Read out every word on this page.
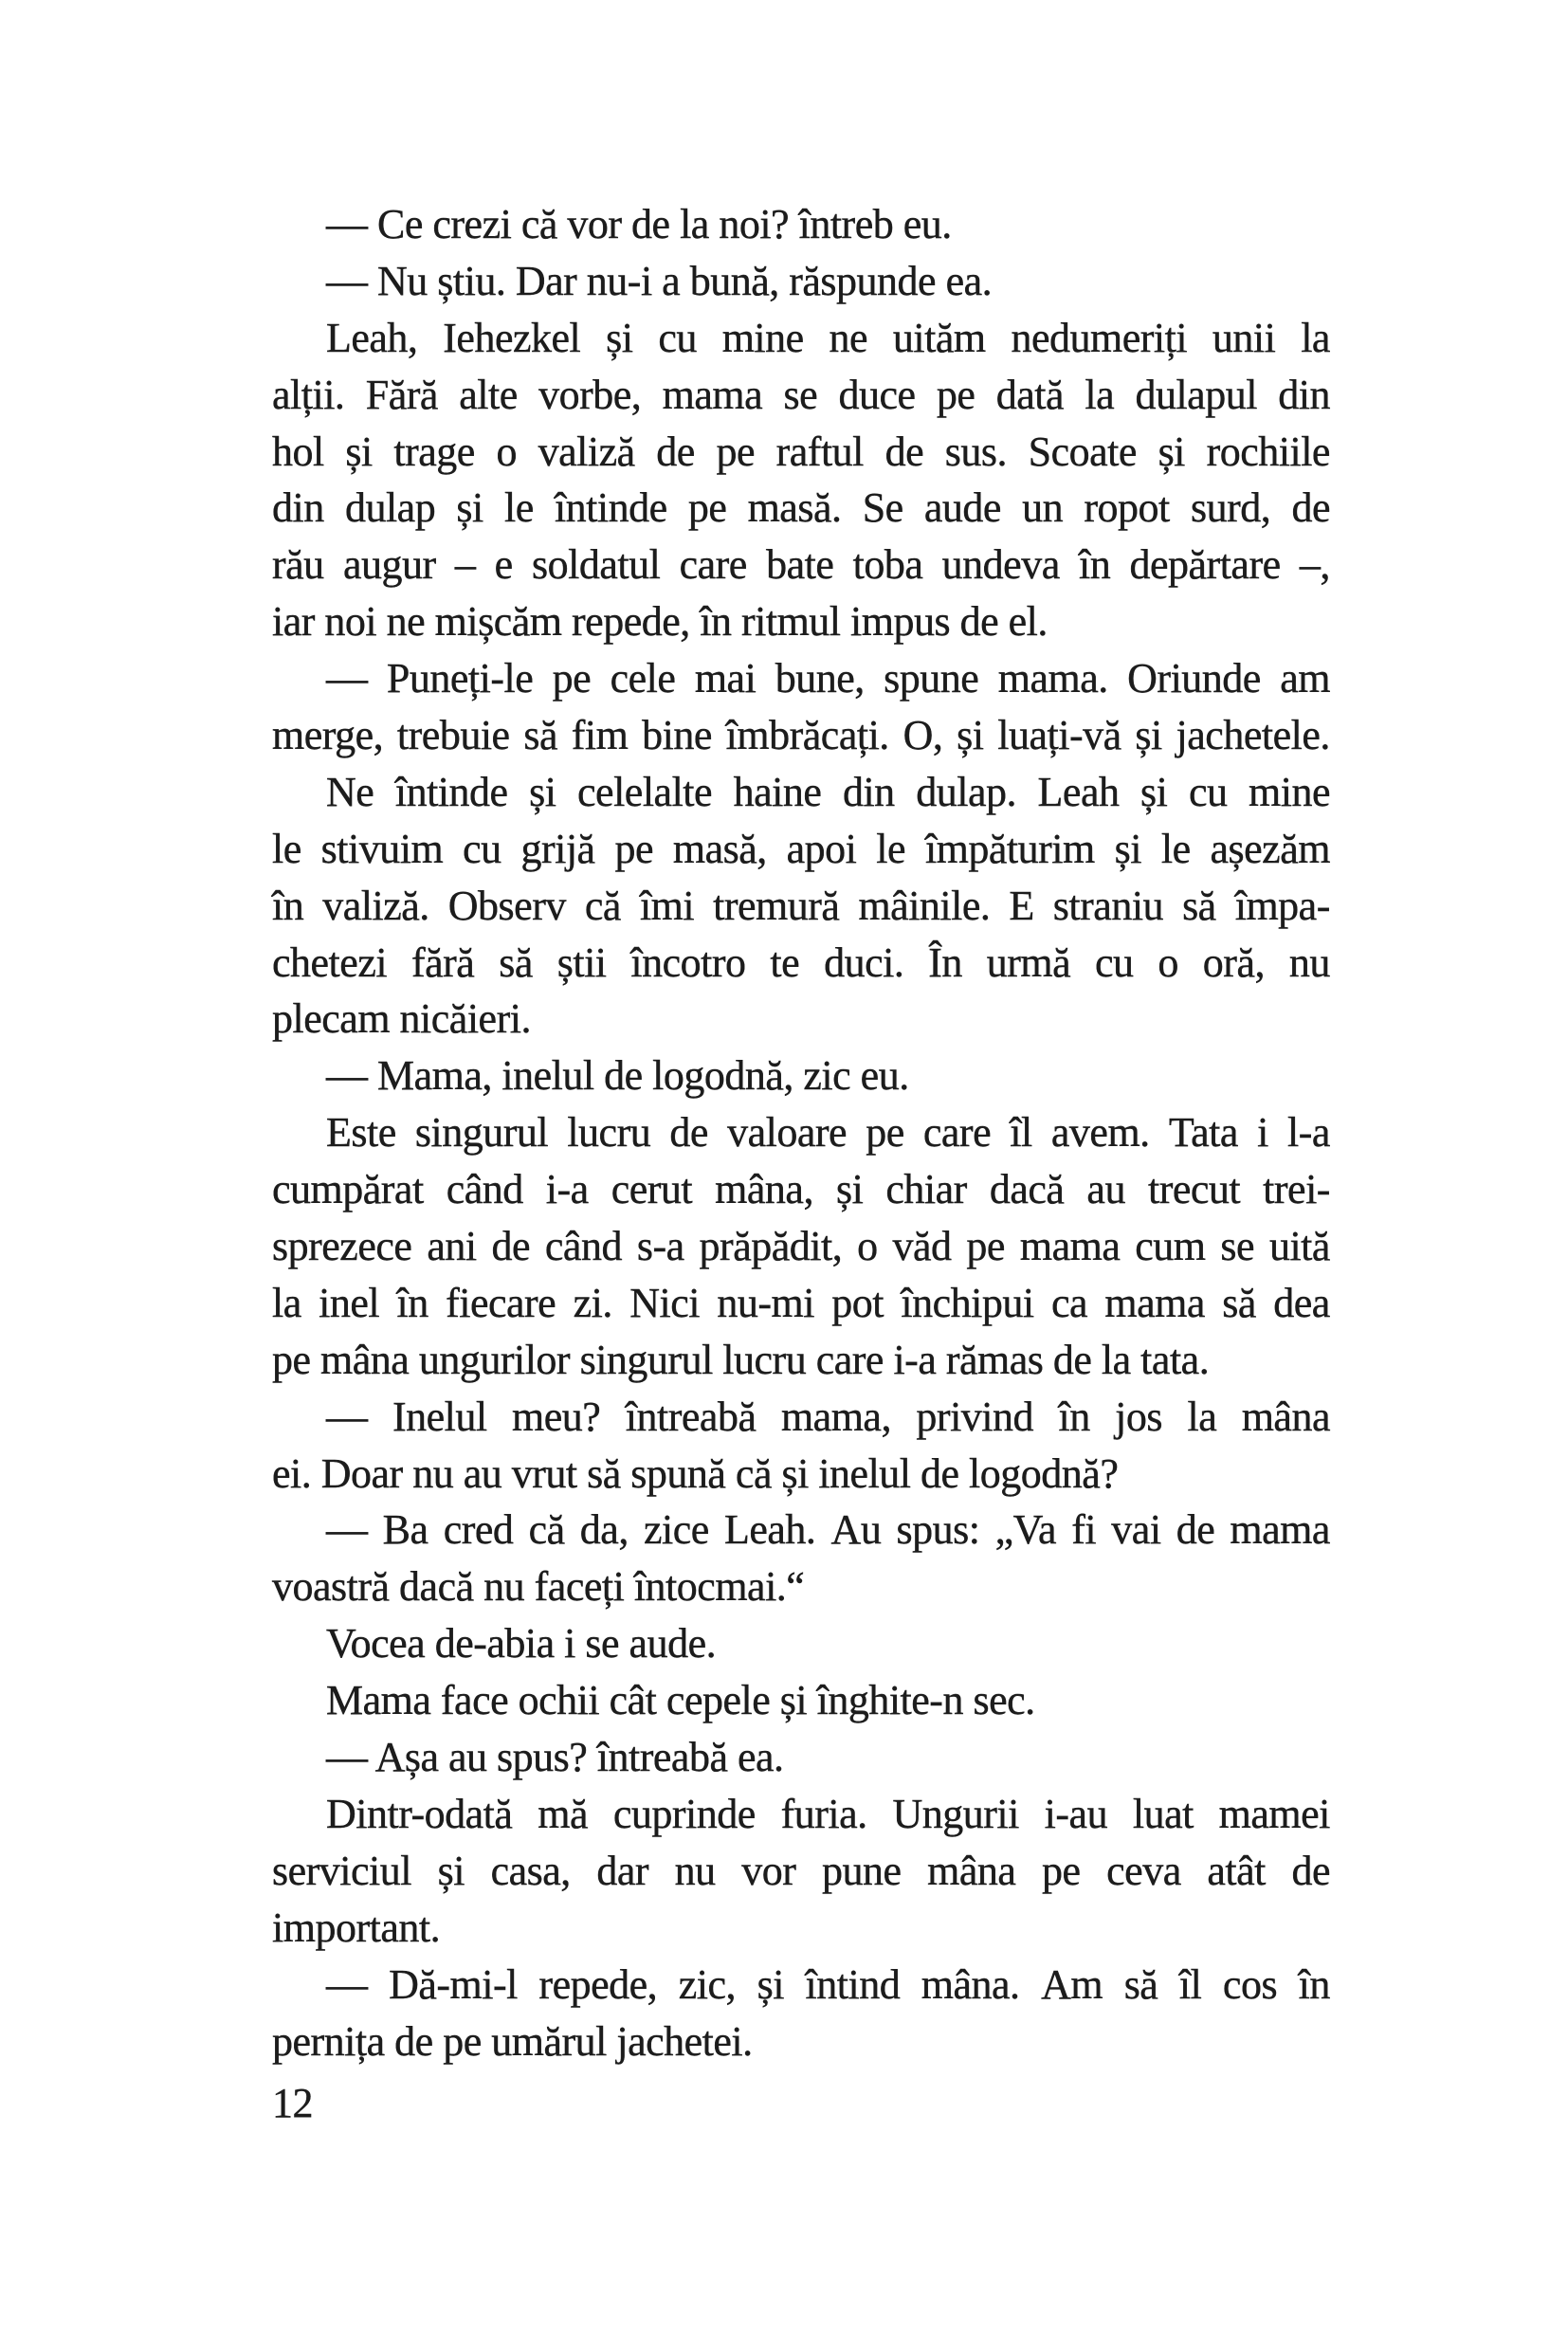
— Ce crezi că vor de la noi? întreb eu.
— Nu știu. Dar nu-i a bună, răspunde ea.
Leah, Iehezkel și cu mine ne uităm nedumeriți unii la
alții. Fără alte vorbe, mama se duce pe dată la dulapul din
hol și trage o valiză de pe raftul de sus. Scoate și rochiile
din dulap și le întinde pe masă. Se aude un ropot surd, de
rău augur – e soldatul care bate toba undeva în depărtare –,
iar noi ne mișcăm repede, în ritmul impus de el.
— Puneți-le pe cele mai bune, spune mama. Oriunde am
merge, trebuie să fim bine îmbrăcați. O, și luați-vă și jachetele.
Ne întinde și celelalte haine din dulap. Leah și cu mine
le stivuim cu grijă pe masă, apoi le împăturim și le așezăm
în valiză. Observ că îmi tremură mâinile. E straniu să împa-
chetezi fără să știi încotro te duci. În urmă cu o oră, nu
plecam nicăieri.
— Mama, inelul de logodnă, zic eu.
Este singurul lucru de valoare pe care îl avem. Tata i l-a
cumpărat când i-a cerut mâna, și chiar dacă au trecut trei-
sprezece ani de când s-a prăpădit, o văd pe mama cum se uită
la inel în fiecare zi. Nici nu-mi pot închipui ca mama să dea
pe mâna ungurilor singurul lucru care i-a rămas de la tata.
— Inelul meu? întreabă mama, privind în jos la mâna
ei. Doar nu au vrut să spună că și inelul de logodnă?
— Ba cred că da, zice Leah. Au spus: „Va fi vai de mama
voastră dacă nu faceți întocmai.“
Vocea de-abia i se aude.
Mama face ochii cât cepele și înghite-n sec.
— Așa au spus? întreabă ea.
Dintr-odată mă cuprinde furia. Ungurii i-au luat mamei
serviciul și casa, dar nu vor pune mâna pe ceva atât de
important.
— Dă-mi-l repede, zic, și întind mâna. Am să îl cos în
pernița de pe umărul jachetei.
12
